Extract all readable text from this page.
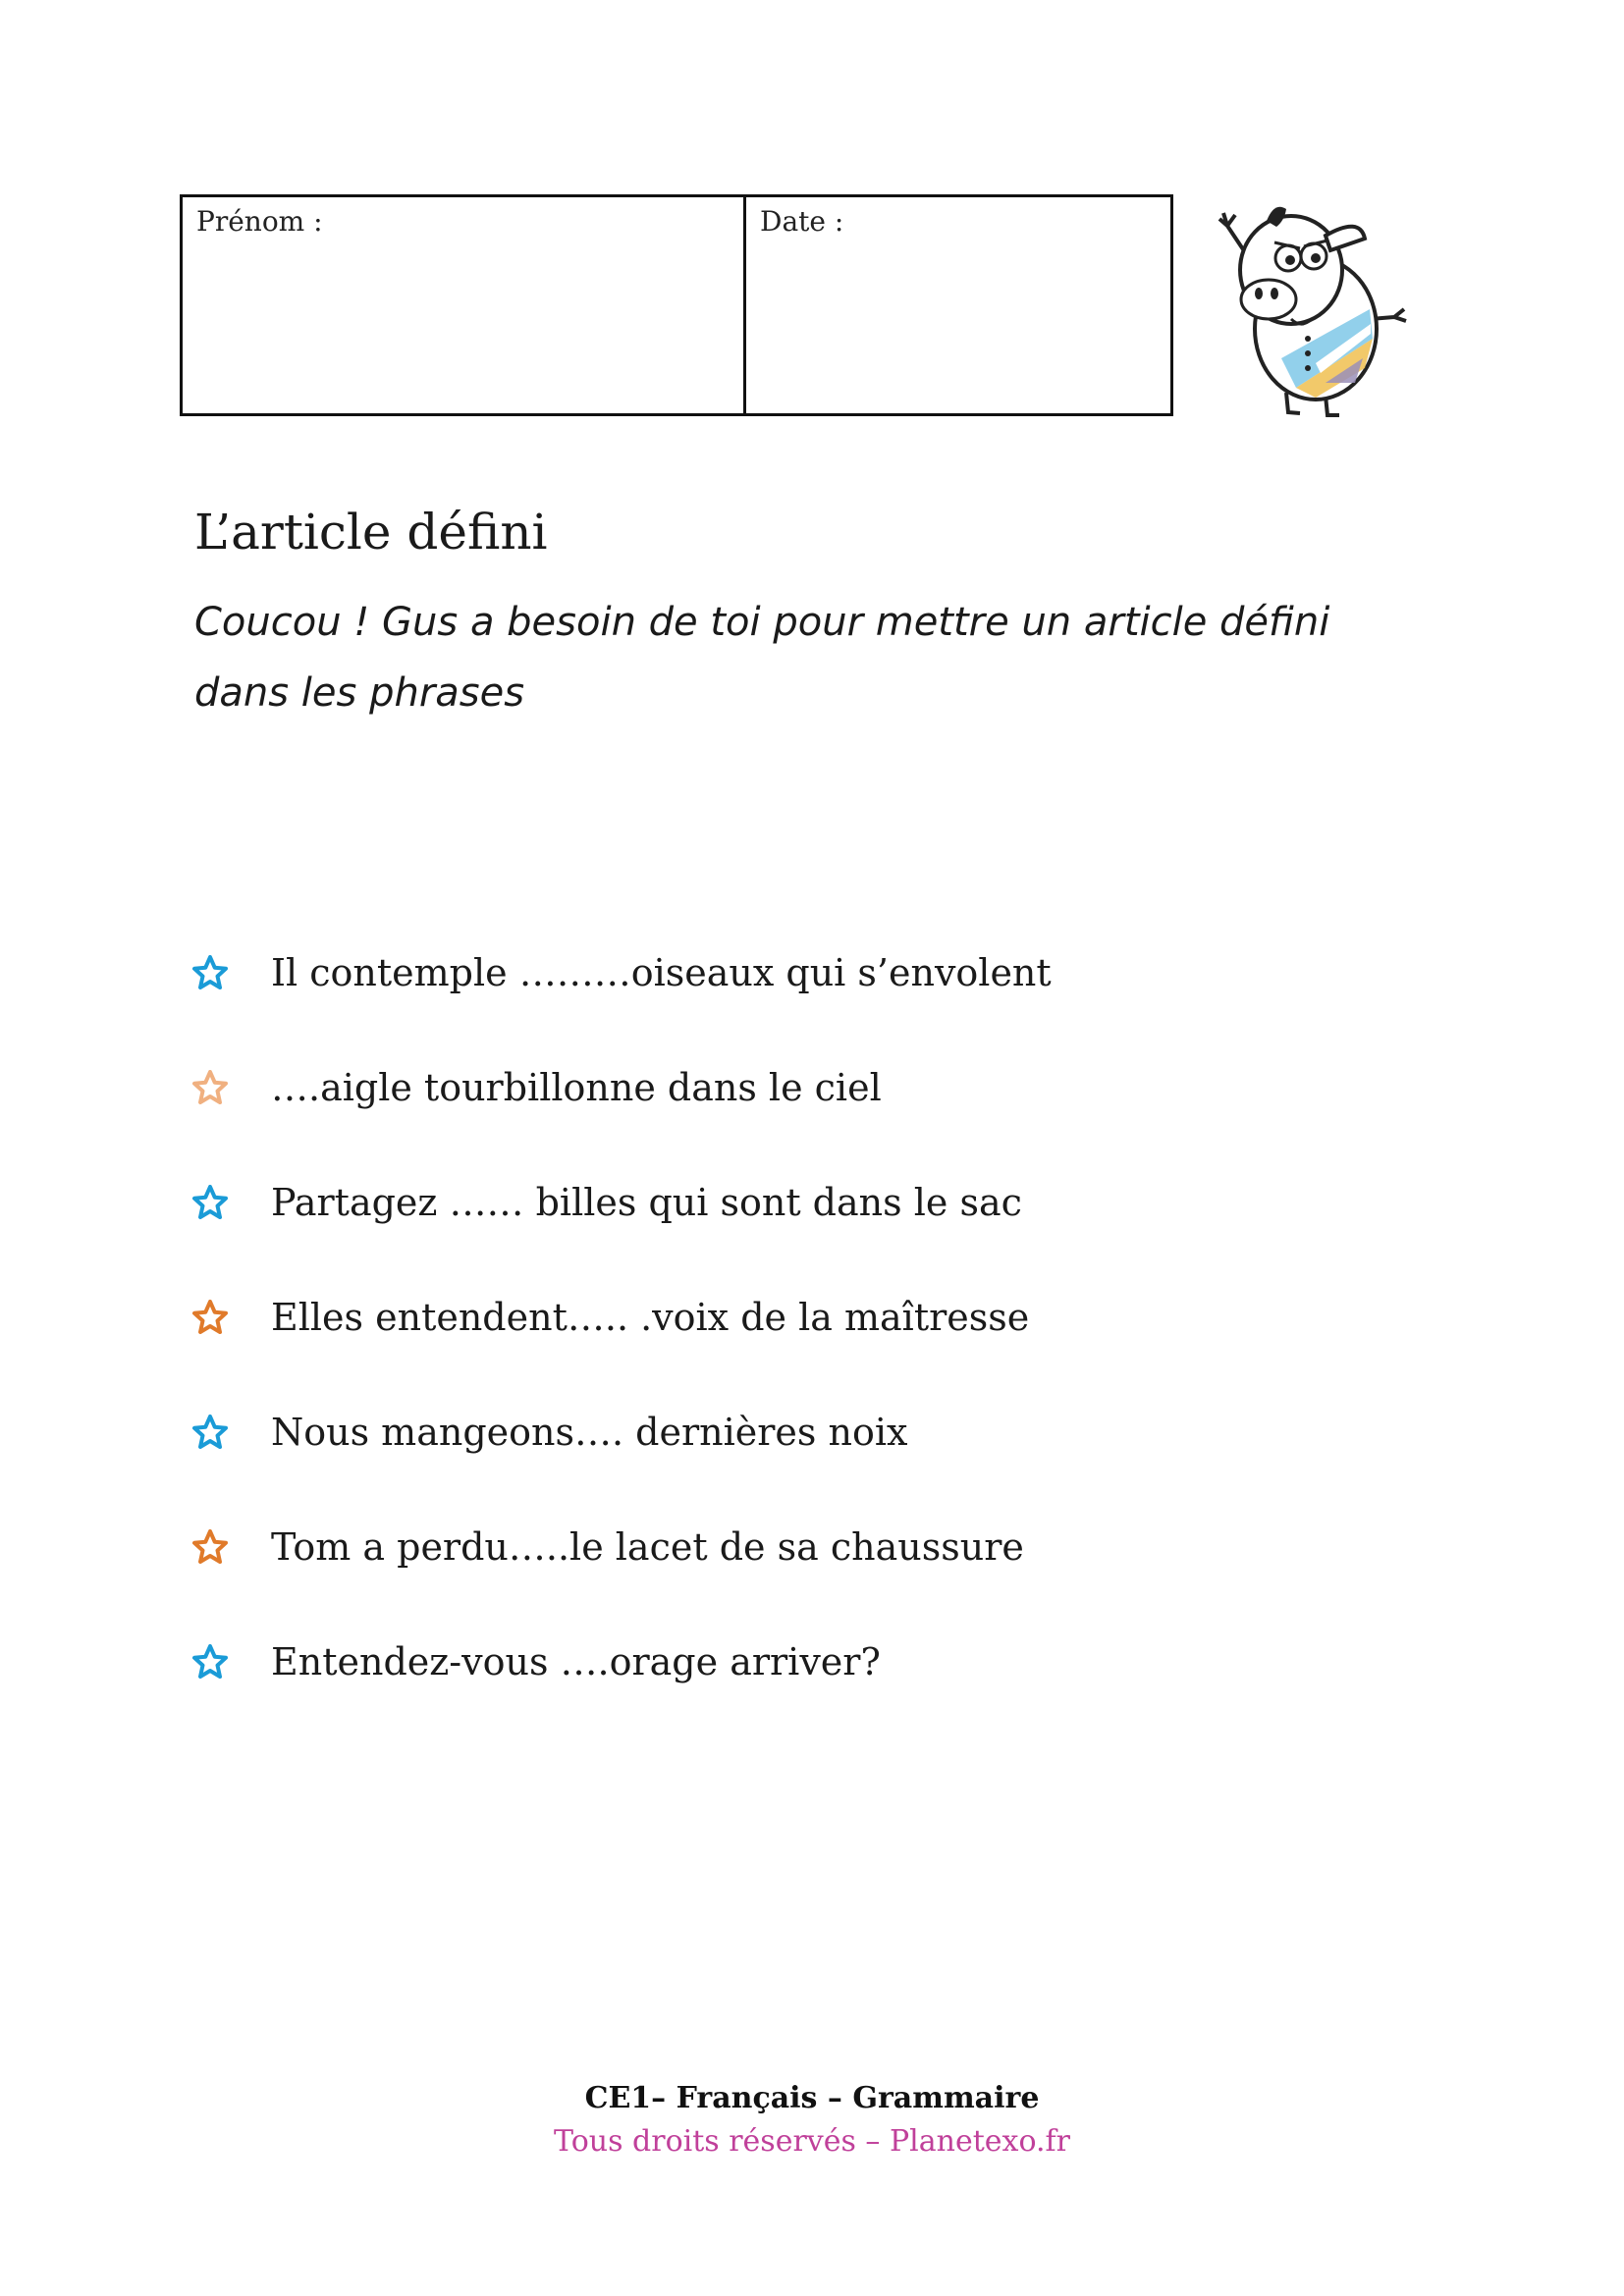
Prénom :	Date :
L’article défini

Coucou ! Gus a besoin de toi pour mettre un article défini
dans les phrases

Il contemple ………oiseaux qui s’envolent
….aigle tourbillonne dans le ciel
Partagez …… billes qui sont dans le sac
Elles entendent….. .voix de la maîtresse
Nous mangeons…. dernières noix
Tom a perdu…..le lacet de sa chaussure
Entendez-vous ….orage arriver?
CE1– Français – Grammaire
Tous droits réservés – Planetexo.fr
